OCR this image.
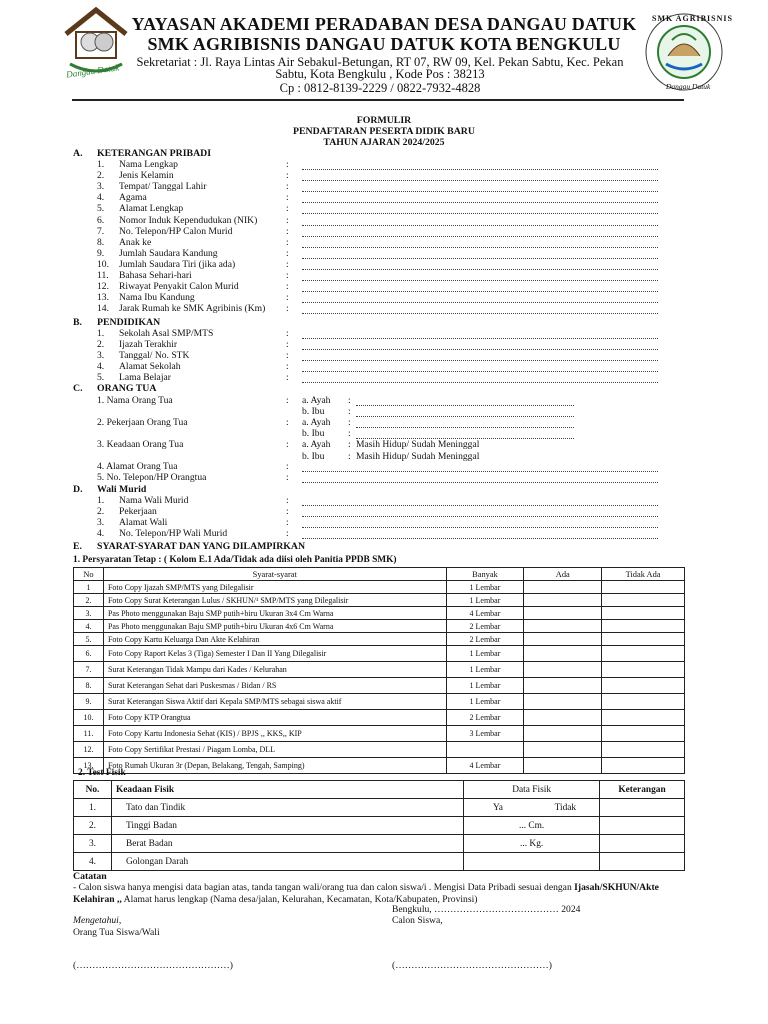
Dangau Datuk
SMK AGRIBISNIS
Dangau Datuk
YAYASAN AKADEMI PERADABAN DESA DANGAU DATUK
SMK AGRIBISNIS DANGAU DATUK KOTA BENGKULU
Sekretariat : Jl. Raya Lintas Air Sebakul-Betungan, RT 07, RW 09, Kel. Pekan Sabtu, Kec. Pekan
Sabtu, Kota Bengkulu , Kode Pos : 38213
Cp : 0812-8139-2229 / 0822-7932-4828
FORMULIR
PENDAFTARAN PESERTA DIDIK BARU
TAHUN AJARAN 2024/2025
A. KETERANGAN PRIBADI
1. Nama Lengkap	:
2. Jenis Kelamin	:
3. Tempat/ Tanggal Lahir	:
4. Agama	:
5. Alamat Lengkap	:
6. Nomor Induk Kependudukan (NIK)	:
7. No. Telepon/HP Calon Murid	:
8. Anak ke	:
9. Jumlah Saudara Kandung	:
10. Jumlah Saudara Tiri (jika ada)	:
11. Bahasa Sehari-hari	:
12. Riwayat Penyakit Calon Murid	:
13. Nama Ibu Kandung	:
14. Jarak Rumah ke SMK Agribinis (Km) :
B. PENDIDIKAN
1. Sekolah Asal SMP/MTS	:
2. Ijazah Terakhir	:
3. Tanggal/ No. STK	:
4. Alamat Sekolah	:
5. Lama Belajar	:
C. ORANG TUA
1. Nama Orang Tua	: a. Ayah :
b. Ibu :
2. Pekerjaan Orang Tua	: a. Ayah :
b. Ibu :
3. Keadaan Orang Tua	: a. Ayah : Masih Hidup/ Sudah Meninggal
b. Ibu : Masih Hidup/ Sudah Meninggal
4. Alamat Orang Tua	:
5. No. Telepon/HP Orangtua	:
D. Wali Murid
1. Nama Wali Murid	:
2. Pekerjaan	:
3. Alamat Wali	:
4. No. Telepon/HP Wali Murid	:
E. SYARAT-SYARAT DAN YANG DILAMPIRKAN
1. Persyaratan Tetap : ( Kolom E.1 Ada/Tidak ada diisi oleh Panitia PPDB SMK)
No	Syarat-syarat	Banyak	Ada	Tidak Ada
1	Foto Copy Ijazah SMP/MTS yang Dilegalisir	1 Lembar		
2.	Foto Copy Surat Keterangan Lulus / SKHUN/¹ SMP/MTS yang Dilegalisir	1 Lembar		
3.	Pas Photo menggunakan Baju SMP putih+biru Ukuran 3x4 Cm Warna	4 Lembar		
4.	Pas Photo menggunakan Baju SMP putih+biru Ukuran 4x6 Cm Warna	2 Lembar		
5.	Foto Copy Kartu Keluarga Dan Akte Kelahiran	2 Lembar		
6.	Foto Copy Raport Kelas 3 (Tiga) Semester I Dan II Yang Dilegalisir	1 Lembar		
7.	Surat Keterangan Tidak Mampu dari Kades / Kelurahan	1 Lembar		
8.	Surat Keterangan Sehat dari Puskesmas / Bidan / RS	1 Lembar		
9.	Surat Keterangan Siswa Aktif dari Kepala SMP/MTS sebagai siswa aktif	1 Lembar		
10.	Foto Copy KTP Orangtua	2 Lembar		
11.	Foto Copy Kartu Indonesia Sehat (KIS) / BPJS ,, KKS,, KIP	3 Lembar		
12.	Foto Copy Sertifikat Prestasi / Piagam Lomba, DLL			
13.	Foto Rumah Ukuran 3r (Depan, Belakang, Tengah, Samping)	4 Lembar		
2. Test Fisik
No.	Keadaan Fisik	Data Fisik		Keterangan
1.	Tato dan Tindik	Ya	Tidak	
2.	Tinggi Badan	... Cm.		
3.	Berat Badan	... Kg.		
4.	Golongan Darah			
Catatan
- Calon siswa hanya mengisi data bagian atas, tanda tangan wali/orang tua dan calon siswa/i . Mengisi Data Pribadi sesuai dengan Ijasah/SKHUN/Akte Kelahiran ,, Alamat harus lengkap (Nama desa/jalan, Kelurahan, Kecamatan, Kota/Kabupaten, Provinsi)
Bengkulu, ………………………………… 2024
Mengetahui,	Calon Siswa,
Orang Tua Siswa/Wali
(…………………………………………)	(…………………………………………)
